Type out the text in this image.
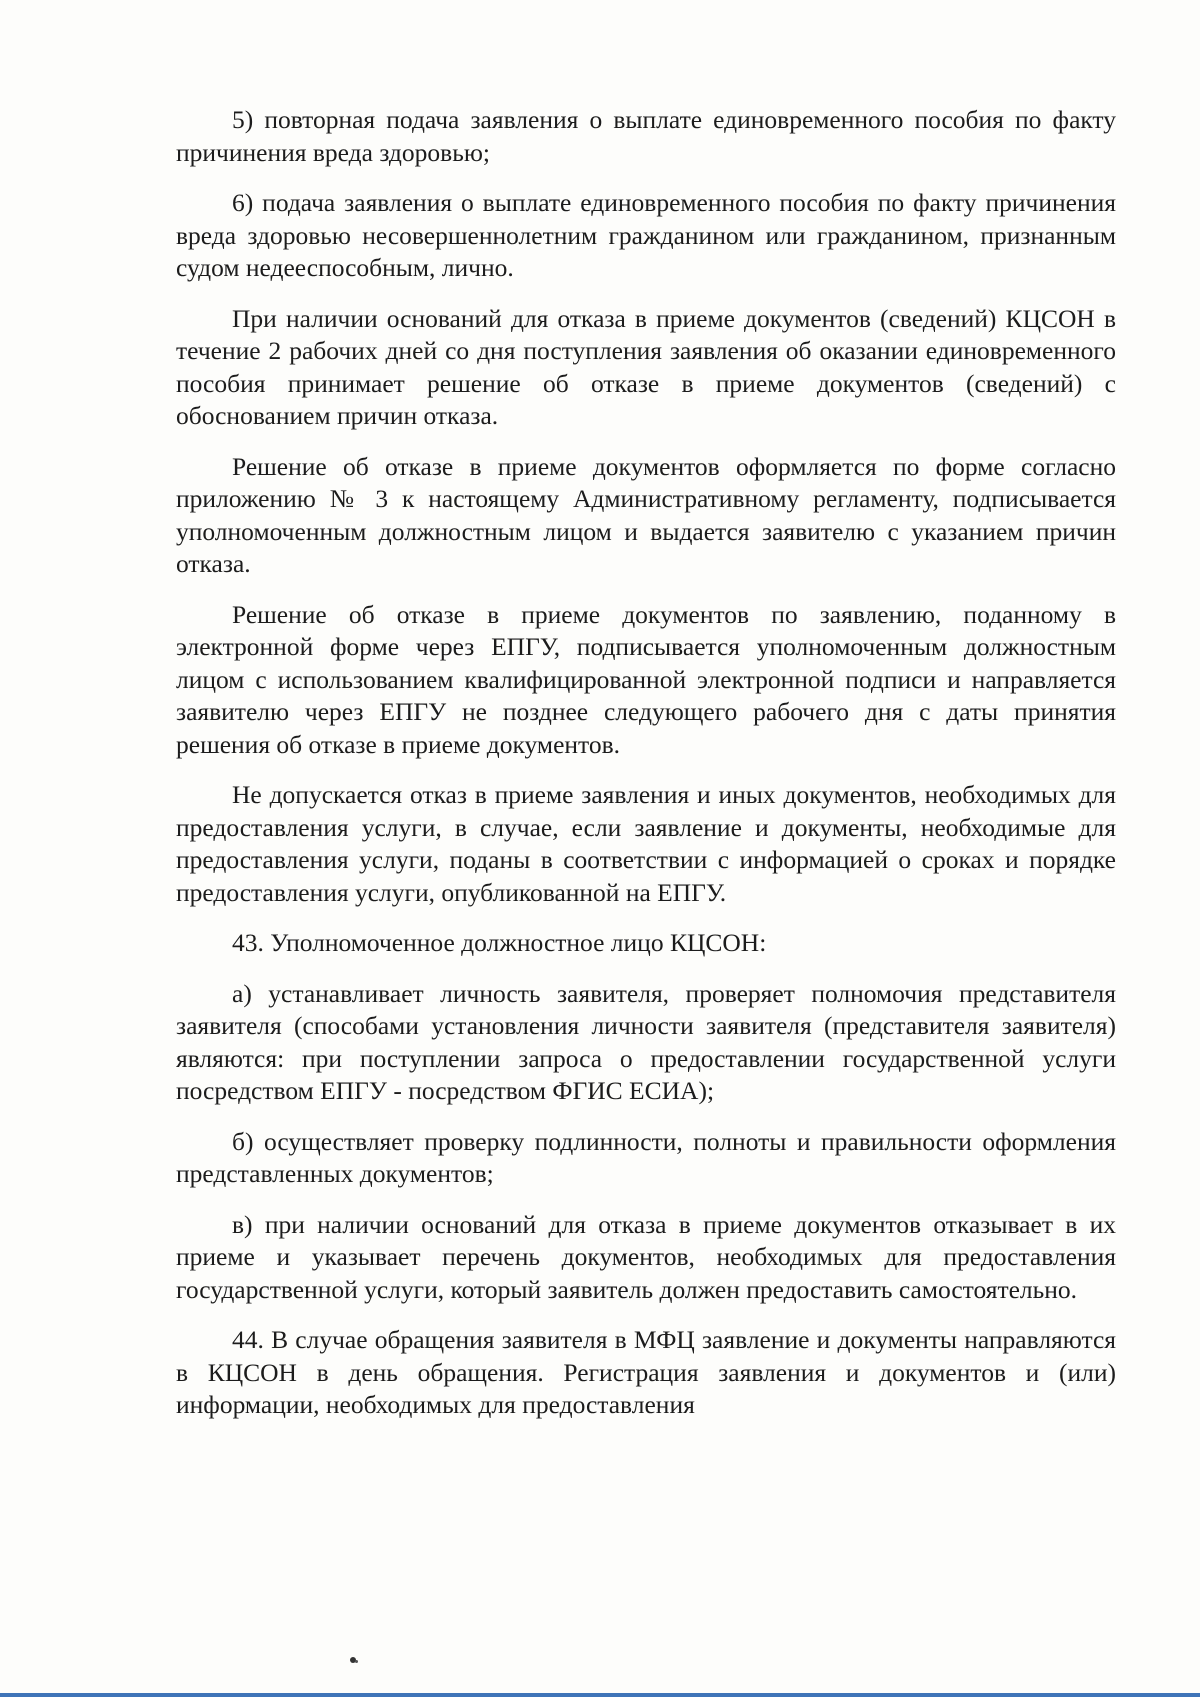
5) повторная подача заявления о выплате единовременного пособия по факту причинения вреда здоровью;

6) подача заявления о выплате единовременного пособия по факту причинения вреда здоровью несовершеннолетним гражданином или гражданином, признанным судом недееспособным, лично.

При наличии оснований для отказа в приеме документов (сведений) КЦСОН в течение 2 рабочих дней со дня поступления заявления об оказании единовременного пособия принимает решение об отказе в приеме документов (сведений) с обоснованием причин отказа.

Решение об отказе в приеме документов оформляется по форме согласно приложению № 3 к настоящему Административному регламенту, подписывается уполномоченным должностным лицом и выдается заявителю с указанием причин отказа.

Решение об отказе в приеме документов по заявлению, поданному в электронной форме через ЕПГУ, подписывается уполномоченным должностным лицом с использованием квалифицированной электронной подписи и направляется заявителю через ЕПГУ не позднее следующего рабочего дня с даты принятия решения об отказе в приеме документов.

Не допускается отказ в приеме заявления и иных документов, необходимых для предоставления услуги, в случае, если заявление и документы, необходимые для предоставления услуги, поданы в соответствии с информацией о сроках и порядке предоставления услуги, опубликованной на ЕПГУ.

43. Уполномоченное должностное лицо КЦСОН:

а) устанавливает личность заявителя, проверяет полномочия представителя заявителя (способами установления личности заявителя (представителя заявителя) являются: при поступлении запроса о предоставлении государственной услуги посредством ЕПГУ - посредством ФГИС ЕСИА);

б) осуществляет проверку подлинности, полноты и правильности оформления представленных документов;

в) при наличии оснований для отказа в приеме документов отказывает в их приеме и указывает перечень документов, необходимых для предоставления государственной услуги, который заявитель должен предоставить самостоятельно.

44. В случае обращения заявителя в МФЦ заявление и документы направляются в КЦСОН в день обращения. Регистрация заявления и документов и (или) информации, необходимых для предоставления
